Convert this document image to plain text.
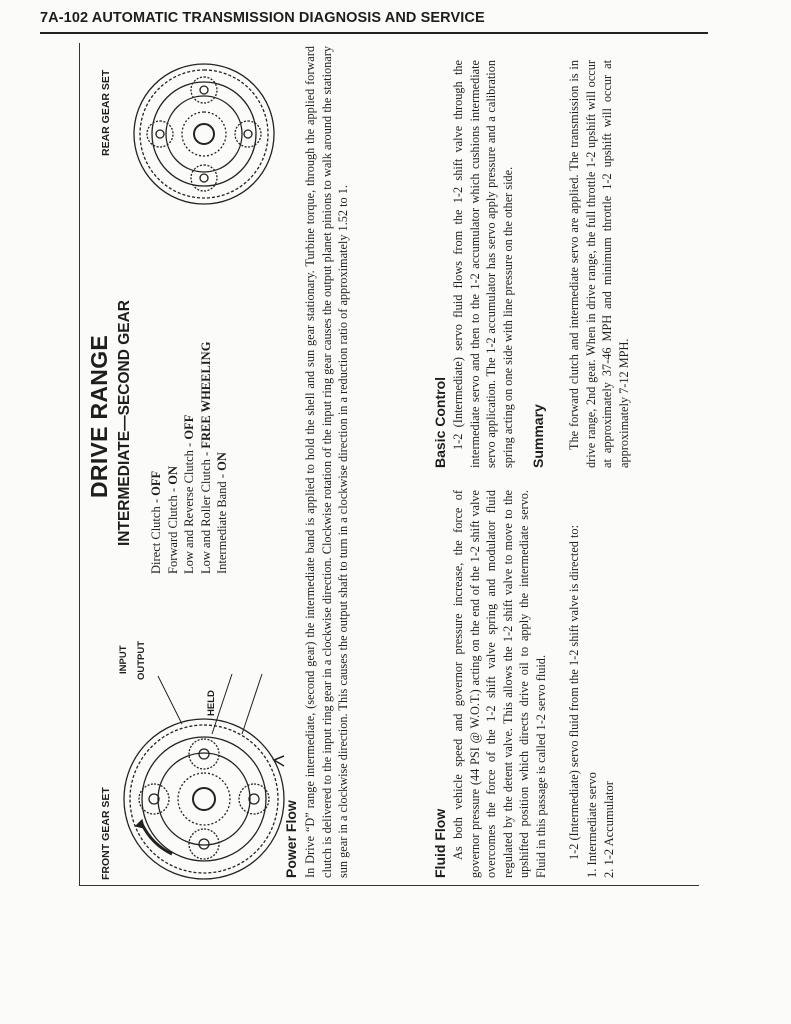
7A-102 AUTOMATIC TRANSMISSION DIAGNOSIS AND SERVICE
FRONT GEAR SET
HELD
INPUT OUTPUT
DRIVE RANGE INTERMEDIATE—SECOND GEAR Direct Clutch - OFF
Forward Clutch - ON Low and Reverse Clutch - OFF
Low and Roller Clutch - FREE WHEELING
Intermediate Band - ON
REAR GEAR SET
Power Flow In Drive “D” range intermediate, (second gear) the intermediate band is applied to hold the shell and sun gear stationary. Turbine torque, through the applied forward clutch is delivered to the input ring gear in a clockwise direction. Clockwise rotation of the input ring gear causes the output planet pinions to walk around the stationary sun gear in a clockwise direction. This causes the output shaft to turn in a clockwise direction in a reduction ratio of approximately 1.52 to 1.	Fluid Flow As both vehicle speed and governor pressure increase, the force of governor pressure (44 PSI @ W.O.T.) acting on the end of the 1-2 shift valve overcomes the force of the 1-2 shift valve spring and modulator fluid regulated by the detent valve. This allows the 1-2 shift valve to move to the upshifted position which directs drive oil to apply the intermediate servo. Fluid in this passage is called 1-2 servo fluid. 1-2 (Intermediate) servo fluid from the 1-2 shift valve is directed to: 1. Intermediate servo 2. 1-2 Accumulator
Basic Control 1-2 (Intermediate) servo fluid flows from the 1-2 shift valve through the intermediate servo and then to the 1-2 accumulator which cushions intermediate servo application. The 1-2 accumulator has servo apply pressure and a calibration spring acting on one side with line pressure on the other side. Summary The forward clutch and intermediate servo are applied. The transmission is in drive range, 2nd gear. When in drive range, the full throttle 1-2 upshift will occur at approximately 37-46 MPH and minimum throttle 1-2 upshift will occur at approximately 7-12 MPH.
